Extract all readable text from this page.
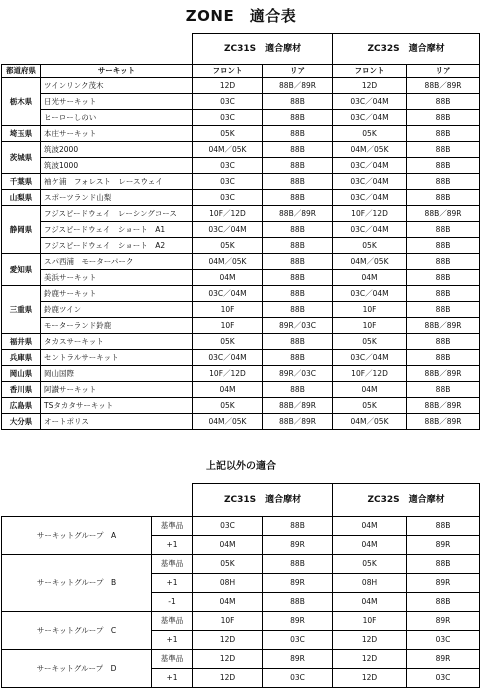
ZONE　適合表
		ZC31S　適合摩材		ZC32S　適合摩材	
都道府県	サーキット	フロント	リア	フロント	リア
栃木県	ツインリンク茂木	12D	88B／89R	12D	88B／89R
	日光サーキット	03C	88B	03C／04M	88B
	ヒーローしのい	03C	88B	03C／04M	88B
埼玉県	本庄サーキット	05K	88B	05K	88B
茨城県	筑波2000	04M／05K	88B	04M／05K	88B
	筑波1000	03C	88B	03C／04M	88B
千葉県	袖ケ浦　フォレスト　レースウェイ	03C	88B	03C／04M	88B
山梨県	スポーツランド山梨	03C	88B	03C／04M	88B
静岡県	フジスピードウェイ　レーシングコース	10F／12D	88B／89R	10F／12D	88B／89R
	フジスピードウェイ　ショート　A1	03C／04M	88B	03C／04M	88B
	フジスピードウェイ　ショート　A2	05K	88B	05K	88B
愛知県	スパ西浦　モーターパーク	04M／05K	88B	04M／05K	88B
	美浜サーキット	04M	88B	04M	88B
三重県	鈴鹿サーキット	03C／04M	88B	03C／04M	88B
	鈴鹿ツイン	10F	88B	10F	88B
	モーターランド鈴鹿	10F	89R／03C	10F	88B／89R
福井県	タカスサーキット	05K	88B	05K	88B
兵庫県	セントラルサーキット	03C／04M	88B	03C／04M	88B
岡山県	岡山国際	10F／12D	89R／03C	10F／12D	88B／89R
香川県	阿讃サーキット	04M	88B	04M	88B
広島県	TSタカタサーキット	05K	88B／89R	05K	88B／89R
大分県	オートポリス	04M／05K	88B／89R	04M／05K	88B／89R
上記以外の適合
		ZC31S　適合摩材		ZC32S　適合摩材	
サーキットグループ　A	基準品	03C	88B	04M	88B
	+1	04M	89R	04M	89R
サーキットグループ　B	基準品	05K	88B	05K	88B
	+1	08H	89R	08H	89R
	-1	04M	88B	04M	88B
サーキットグループ　C	基準品	10F	89R	10F	89R
	+1	12D	03C	12D	03C
サーキットグループ　D	基準品	12D	89R	12D	89R
	+1	12D	03C	12D	03C
